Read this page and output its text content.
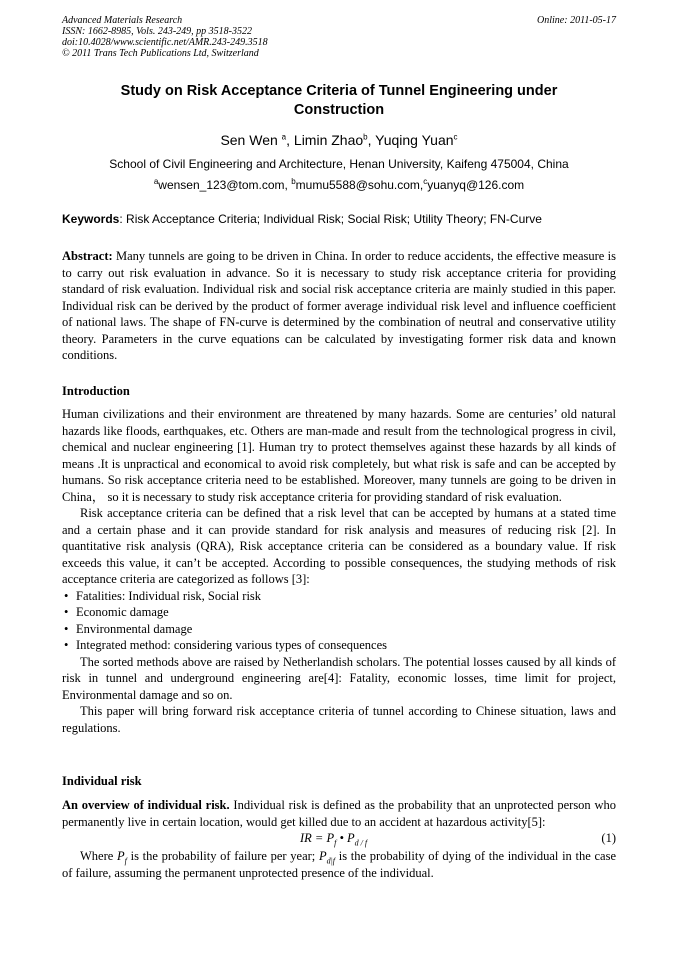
Advanced Materials Research
ISSN: 1662-8985, Vols. 243-249, pp 3518-3522
doi:10.4028/www.scientific.net/AMR.243-249.3518
© 2011 Trans Tech Publications Ltd, Switzerland
Online: 2011-05-17
Study on Risk Acceptance Criteria of Tunnel Engineering under
Construction
Sen Wen $^a$, Limin Zhao$^b$, Yuqing Yuan$^c$
School of Civil Engineering and Architecture, Henan University, Kaifeng 475004, China
$^a$wensen_123@tom.com, $^b$mumu5588@sohu.com,$^c$yuanyq@126.com
Keywords: Risk Acceptance Criteria; Individual Risk; Social Risk; Utility Theory; FN-Curve
Abstract: Many tunnels are going to be driven in China. In order to reduce accidents, the effective measure is to carry out risk evaluation in advance. So it is necessary to study risk acceptance criteria for providing standard of risk evaluation. Individual risk and social risk acceptance criteria are mainly studied in this paper. Individual risk can be derived by the product of former average individual risk level and influence coefficient of national laws. The shape of FN-curve is determined by the combination of neutral and conservative utility theory. Parameters in the curve equations can be calculated by investigating former risk data and known conditions.
Introduction

Human civilizations and their environment are threatened by many hazards. Some are centuries’ old natural hazards like floods, earthquakes, etc. Others are man-made and result from the technological progress in civil, chemical and nuclear engineering [1]. Human try to protect themselves against these hazards by all kinds of means .It is unpractical and economical to avoid risk completely, but what risk is safe and can be accepted by humans. So risk acceptance criteria need to be established. Moreover, many tunnels are going to be driven in China， so it is necessary to study risk acceptance criteria for providing standard of risk evaluation.

Risk acceptance criteria can be defined that a risk level that can be accepted by humans at a stated time and a certain phase and it can provide standard for risk analysis and measures of reducing risk [2]. In quantitative risk analysis (QRA), Risk acceptance criteria can be considered as a boundary value. If risk exceeds this value, it can’t be accepted. According to possible consequences, the studying methods of risk acceptance criteria are categorized as follows [3]:

• Fatalities: Individual risk, Social risk
• Economic damage
• Environmental damage
• Integrated method: considering various types of consequences

The sorted methods above are raised by Netherlandish scholars. The potential losses caused by all kinds of risk in tunnel and underground engineering are[4]: Fatality, economic losses, time limit for project, Environmental damage and so on.

This paper will bring forward risk acceptance criteria of tunnel according to Chinese situation, laws and regulations.

Individual risk

An overview of individual risk. Individual risk is defined as the probability that an unprotected person who permanently live in certain location, would get killed due to an accident at hazardous activity[5]:

IR = $P_f$ • $P_{d / f}$	(1)

Where $P_f$ is the probability of failure per year; $P_{d|f}$ is the probability of dying of the individual in the case of failure, assuming the permanent unprotected presence of the individual.
